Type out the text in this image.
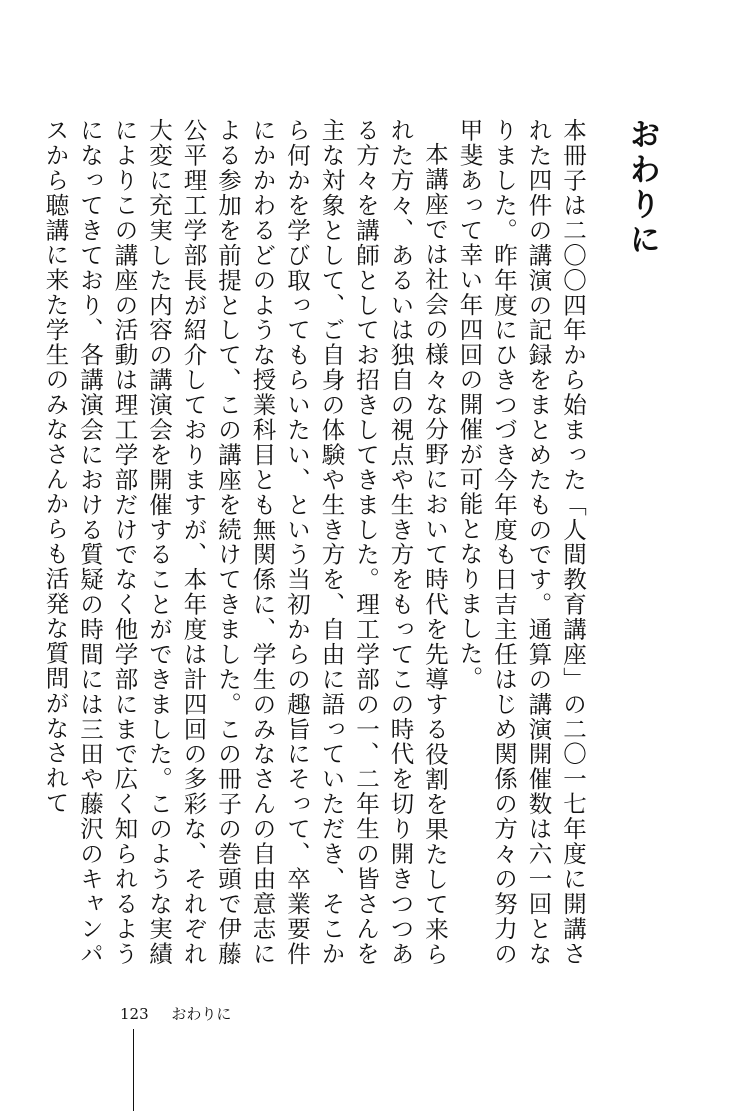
おわりに

本冊子は二〇〇四年から始まった「人間教育講座」の二〇一七年度に開講された四件の講演の記録をまとめたものです。通算の講演開催数は六一回となりました。昨年度にひきつづき今年度も日吉主任はじめ関係の方々の努力の甲斐あって幸い年四回の開催が可能となりました。

本講座では社会の様々な分野において時代を先導する役割を果たして来られた方々、あるいは独自の視点や生き方をもってこの時代を切り開きつつある方々を講師としてお招きしてきました。理工学部の一、二年生の皆さんを主な対象として、ご自身の体験や生き方を、自由に語っていただき、そこから何かを学び取ってもらいたい、という当初からの趣旨にそって、卒業要件にかかわるどのような授業科目とも無関係に、学生のみなさんの自由意志による参加を前提として、この講座を続けてきました。この冊子の巻頭で伊藤公平理工学部長が紹介しておりますが、本年度は計四回の多彩な、それぞれ大変に充実した内容の講演会を開催することができました。このような実績によりこの講座の活動は理工学部だけでなく他学部にまで広く知られるようになってきており、各講演会における質疑の時間には三田や藤沢のキャンパスから聴講に来た学生のみなさんからも活発な質問がなされて

123 おわりに
